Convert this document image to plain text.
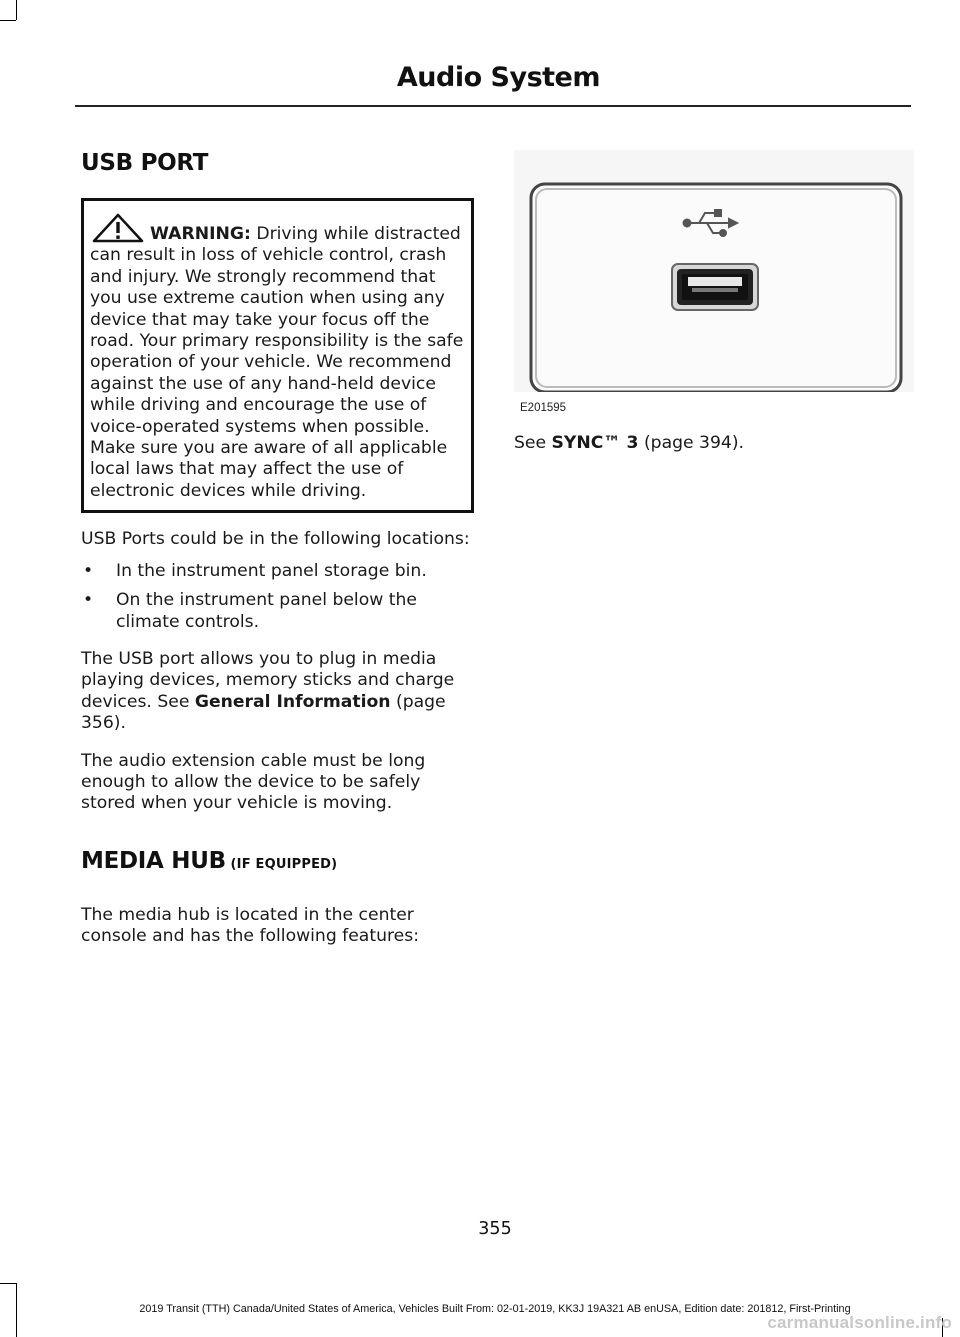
Audio System
USB PORT
WARNING: Driving while distracted can result in loss of vehicle control, crash and injury. We strongly recommend that you use extreme caution when using any device that may take your focus off the road. Your primary responsibility is the safe operation of your vehicle. We recommend against the use of any hand-held device while driving and encourage the use of voice-operated systems when possible. Make sure you are aware of all applicable local laws that may affect the use of electronic devices while driving.

USB Ports could be in the following locations:

• In the instrument panel storage bin.
• On the instrument panel below the climate controls.

The USB port allows you to plug in media playing devices, memory sticks and charge devices. See General Information (page 356).

The audio extension cable must be long enough to allow the device to be safely stored when your vehicle is moving.

MEDIA HUB (IF EQUIPPED)

The media hub is located in the center console and has the following features:

E201595

See SYNC™ 3 (page 394).

355
2019 Transit (TTH) Canada/United States of America, Vehicles Built From: 02-01-2019, KK3J 19A321 AB enUSA, Edition date: 201812, First-Printing
carmanualsonline.info
